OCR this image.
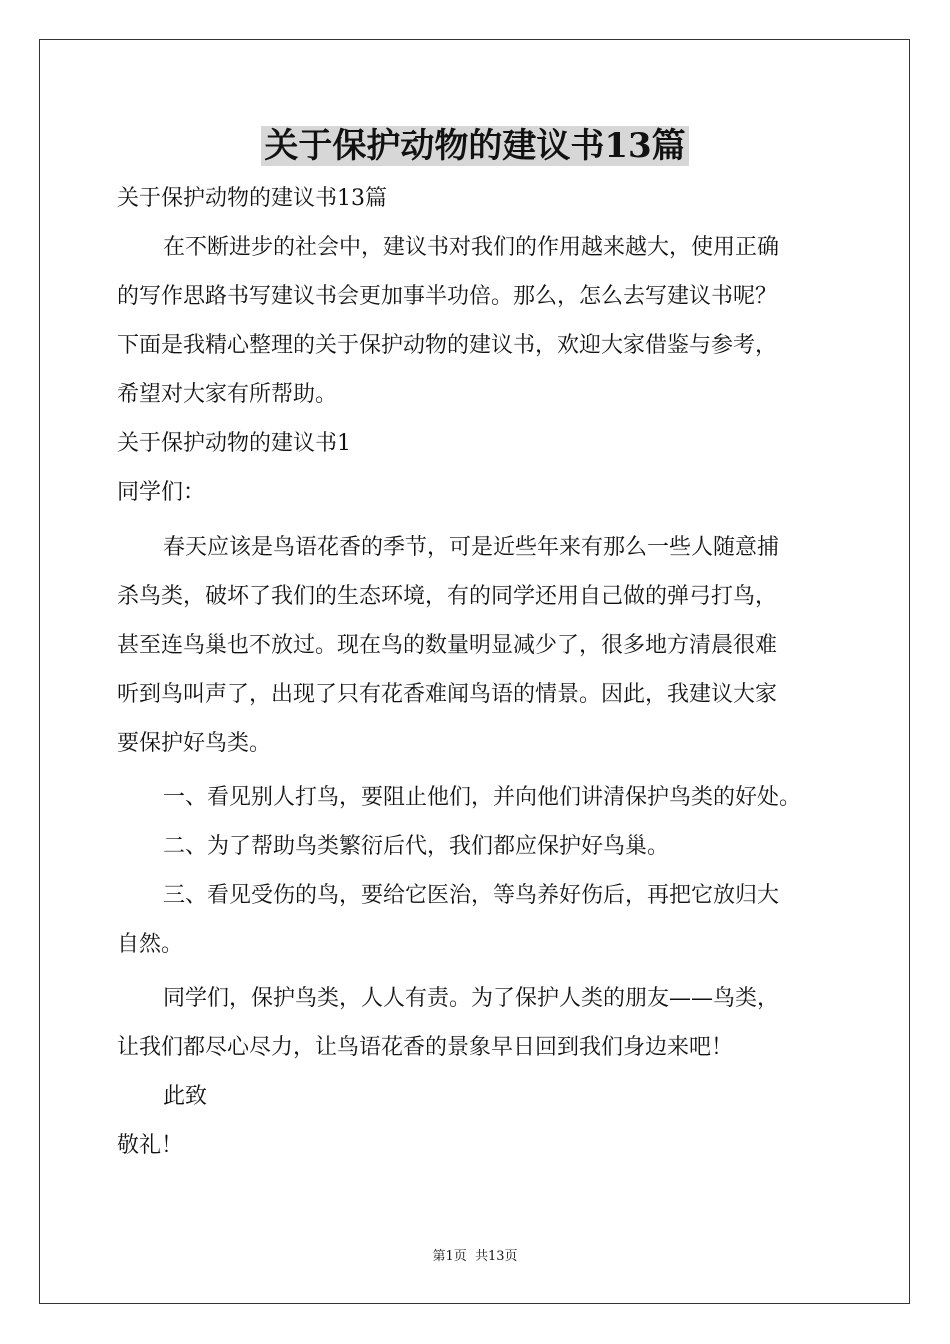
关于保护动物的建议书13篇
关于保护动物的建议书13篇
在不断进步的社会中，建议书对我们的作用越来越大，使用正确
的写作思路书写建议书会更加事半功倍。那么，怎么去写建议书呢？
下面是我精心整理的关于保护动物的建议书，欢迎大家借鉴与参考，
希望对大家有所帮助。
关于保护动物的建议书1
同学们：
春天应该是鸟语花香的季节，可是近些年来有那么一些人随意捕
杀鸟类，破坏了我们的生态环境，有的同学还用自己做的弹弓打鸟，
甚至连鸟巢也不放过。现在鸟的数量明显减少了，很多地方清晨很难
听到鸟叫声了，出现了只有花香难闻鸟语的情景。因此，我建议大家
要保护好鸟类。
一、看见别人打鸟，要阻止他们，并向他们讲清保护鸟类的好处。
二、为了帮助鸟类繁衍后代，我们都应保护好鸟巢。
三、看见受伤的鸟，要给它医治，等鸟养好伤后，再把它放归大
自然。
同学们，保护鸟类，人人有责。为了保护人类的朋友——鸟类，
让我们都尽心尽力，让鸟语花香的景象早日回到我们身边来吧！
此致
敬礼！
第1页 共13页
